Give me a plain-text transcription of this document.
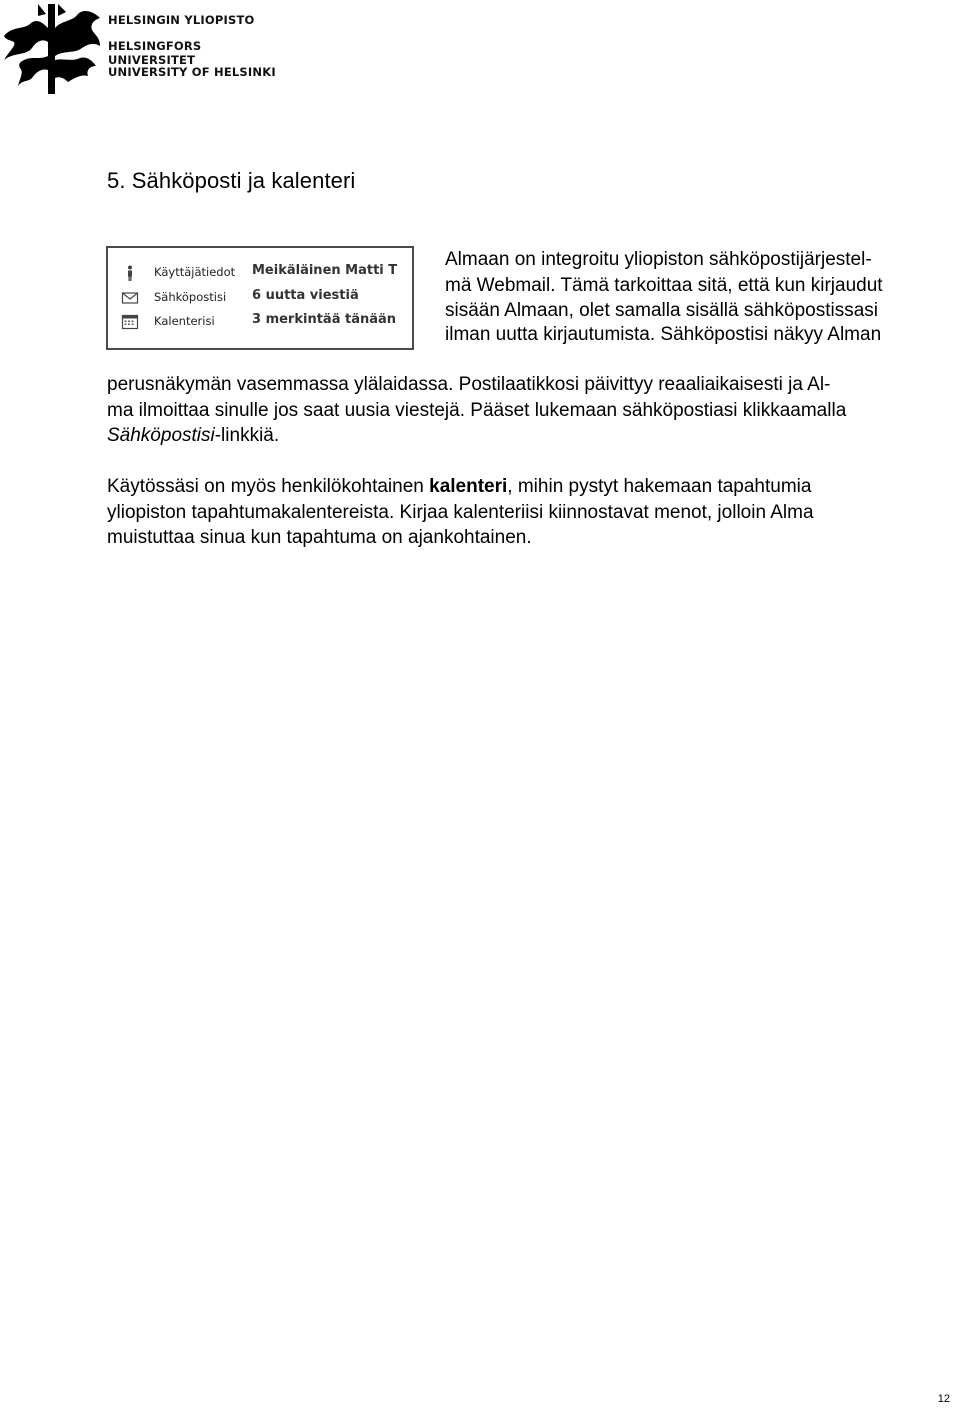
HELSINGIN YLIOPISTO
HELSINGFORS UNIVERSITET
UNIVERSITY OF HELSINKI
5. Sähköposti ja kalenteri
Käyttäjätiedot Meikäläinen Matti T
Sähköpostisi 6 uutta viestiä
Kalenterisi	3 merkintää tänään

Almaan on integroitu yliopiston sähköpostijärjestel-
mä Webmail. Tämä tarkoittaa sitä, että kun kirjaudut
sisään Almaan, olet samalla sisällä sähköpostissasi

ilman uutta kirjautumista. Sähköpostisi näkyy Alman

perusnäkymän vasemmassa ylälaidassa. Postilaatikkosi päivittyy reaaliaikaisesti ja Al-
ma ilmoittaa sinulle jos saat uusia viestejä. Pääset lukemaan sähköpostiasi klikkaamalla
Sähköpostisi-linkkiä.

Käytössäsi on myös henkilökohtainen kalenteri, mihin pystyt hakemaan tapahtumia
yliopiston tapahtumakalentereista. Kirjaa kalenteriisi kiinnostavat menot, jolloin Alma
muistuttaa sinua kun tapahtuma on ajankohtainen.

12
